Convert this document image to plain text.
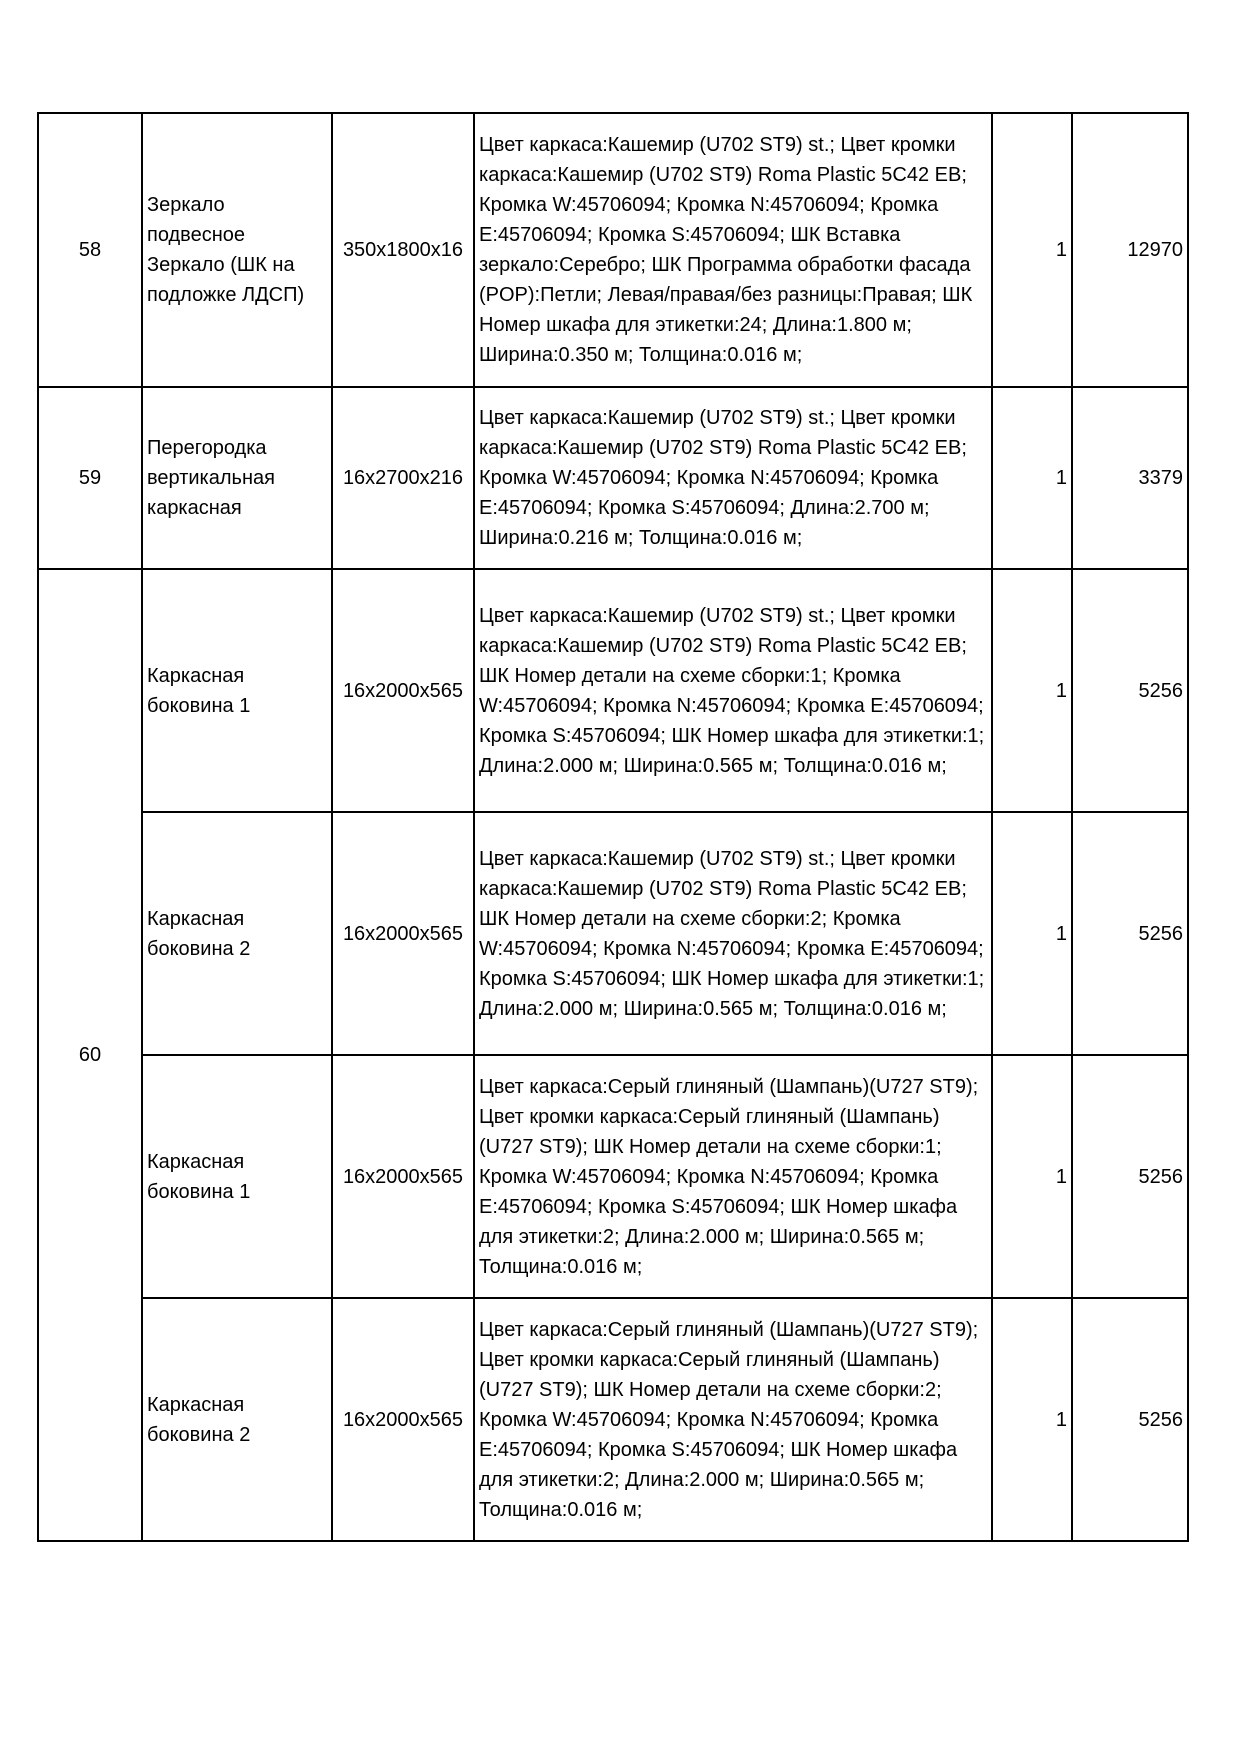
58	Зеркало подвесное Зеркало (ШК на подложке ЛДСП)	350x1800x16	Цвет каркаса:Кашемир (U702 ST9) st.; Цвет кромки каркаса:Кашемир (U702 ST9) Roma Plastic 5C42 EB; Кромка W:45706094; Кромка N:45706094; Кромка E:45706094; Кромка S:45706094; ШК Вставка зеркало:Серебро; ШК Программа обработки фасада (POP):Петли; Левая/правая/без разницы:Правая; ШК Номер шкафа для этикетки:24; Длина:1.800 м; Ширина:0.350 м; Толщина:0.016 м;	1	12970
59	Перегородка вертикальная каркасная	16x2700x216	Цвет каркаса:Кашемир (U702 ST9) st.; Цвет кромки каркаса:Кашемир (U702 ST9) Roma Plastic 5C42 EB; Кромка W:45706094; Кромка N:45706094; Кромка E:45706094; Кромка S:45706094; Длина:2.700 м; Ширина:0.216 м; Толщина:0.016 м;	1	3379
60	Каркасная боковина 1	16x2000x565	Цвет каркаса:Кашемир (U702 ST9) st.; Цвет кромки каркаса:Кашемир (U702 ST9) Roma Plastic 5C42 EB; ШК Номер детали на схеме сборки:1; Кромка W:45706094; Кромка N:45706094; Кромка E:45706094; Кромка S:45706094; ШК Номер шкафа для этикетки:1; Длина:2.000 м; Ширина:0.565 м; Толщина:0.016 м;	1	5256
	Каркасная боковина 2	16x2000x565	Цвет каркаса:Кашемир (U702 ST9) st.; Цвет кромки каркаса:Кашемир (U702 ST9) Roma Plastic 5C42 EB; ШК Номер детали на схеме сборки:2; Кромка W:45706094; Кромка N:45706094; Кромка E:45706094; Кромка S:45706094; ШК Номер шкафа для этикетки:1; Длина:2.000 м; Ширина:0.565 м; Толщина:0.016 м;	1	5256
	Каркасная боковина 1	16x2000x565	Цвет каркаса:Серый глиняный (Шампань)(U727 ST9); Цвет кромки каркаса:Серый глиняный (Шампань)(U727 ST9); ШК Номер детали на схеме сборки:1; Кромка W:45706094; Кромка N:45706094; Кромка E:45706094; Кромка S:45706094; ШК Номер шкафа для этикетки:2; Длина:2.000 м; Ширина:0.565 м; Толщина:0.016 м;	1	5256
	Каркасная боковина 2	16x2000x565	Цвет каркаса:Серый глиняный (Шампань)(U727 ST9); Цвет кромки каркаса:Серый глиняный (Шампань)(U727 ST9); ШК Номер детали на схеме сборки:2; Кромка W:45706094; Кромка N:45706094; Кромка E:45706094; Кромка S:45706094; ШК Номер шкафа для этикетки:2; Длина:2.000 м; Ширина:0.565 м; Толщина:0.016 м;	1	5256
